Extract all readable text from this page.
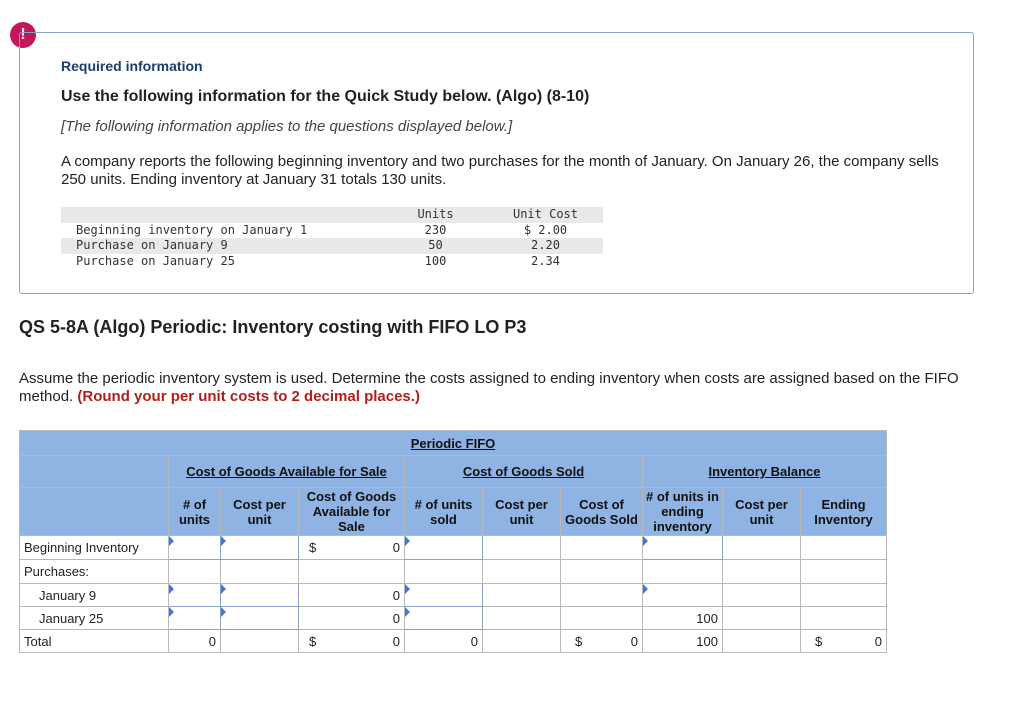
!
Required information
Use the following information for the Quick Study below. (Algo) (8-10)
[The following information applies to the questions displayed below.]
A company reports the following beginning inventory and two purchases for the month of January. On January 26, the company sells 250 units. Ending inventory at January 31 totals 130 units.
	Units	Unit Cost
Beginning inventory on January 1	230	$ 2.00
Purchase on January 9	50	2.20
Purchase on January 25	100	2.34
QS 5-8A (Algo) Periodic: Inventory costing with FIFO LO P3
Assume the periodic inventory system is used. Determine the costs assigned to ending inventory when costs are assigned based on the FIFO method. (Round your per unit costs to 2 decimal places.)
Periodic FIFO									
	Cost of Goods Available for Sale			Cost of Goods Sold			Inventory Balance		
	# of units	Cost per unit	Cost of Goods Available for Sale	# of units sold	Cost per unit	Cost of Goods Sold	# of units in ending inventory	Cost per unit	Ending Inventory
Beginning Inventory			$ 0						

Purchases:									
January 9			0						
January 25			0				100		
Total	0		$ 0	0		$ 0	100		$ 0
